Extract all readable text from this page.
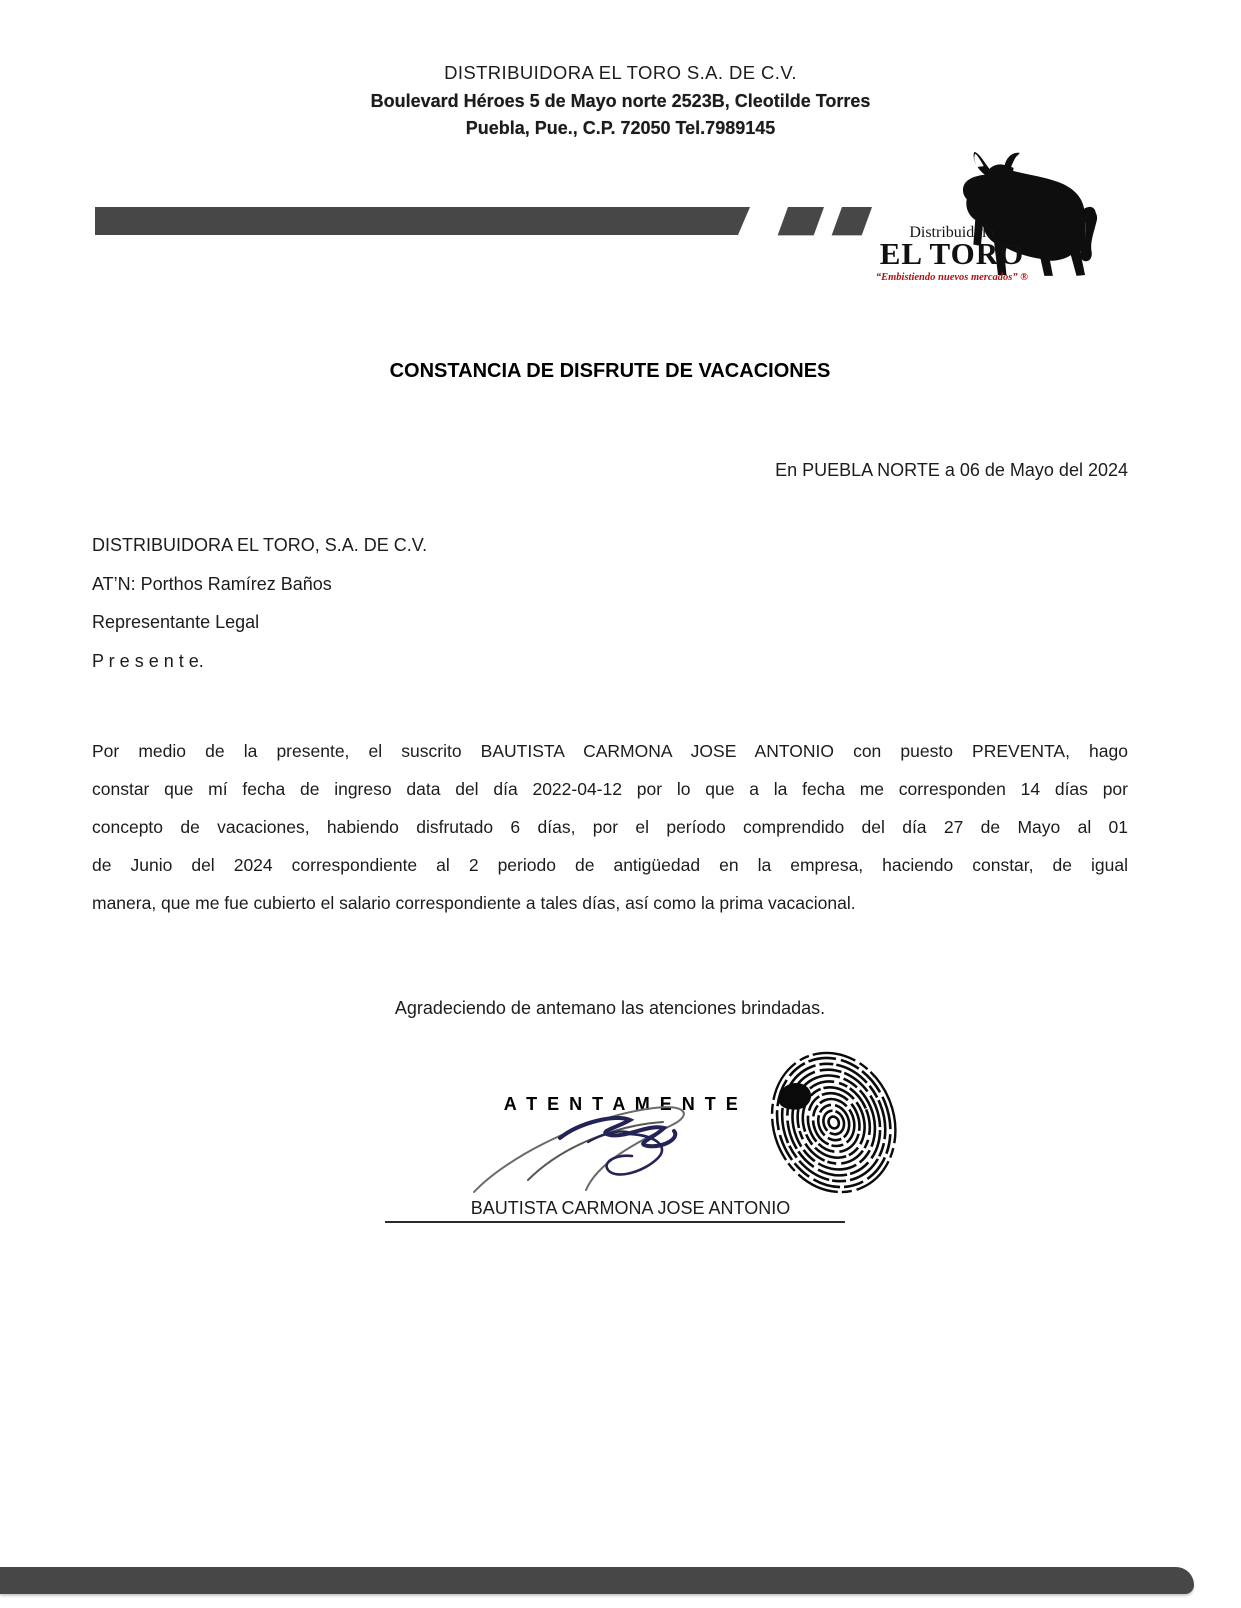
DISTRIBUIDORA EL TORO S.A. DE C.V.
Boulevard Héroes 5 de Mayo norte 2523B, Cleotilde Torres
Puebla, Pue., C.P. 72050 Tel.7989145
Distribuidora
EL TORO
“Embistiendo nuevos mercados” ®
CONSTANCIA DE DISFRUTE DE VACACIONES
En PUEBLA NORTE a 06 de Mayo del 2024
DISTRIBUIDORA EL TORO, S.A. DE C.V.
AT’N: Porthos Ramírez Baños
Representante Legal
P r e s e n t e.
Por medio de la presente, el suscrito BAUTISTA CARMONA JOSE ANTONIO con puesto PREVENTA, hago
constar que mí fecha de ingreso data del día 2022-04-12 por lo que a la fecha me corresponden 14 días por
concepto de vacaciones, habiendo disfrutado 6 días, por el período comprendido del día 27 de Mayo al 01
de Junio del 2024 correspondiente al 2 periodo de antigüedad en la empresa, haciendo constar, de igual
manera, que me fue cubierto el salario correspondiente a tales días, así como la prima vacacional.
Agradeciendo de antemano las atenciones brindadas.
A T E N T A M E N T E
BAUTISTA CARMONA JOSE ANTONIO
